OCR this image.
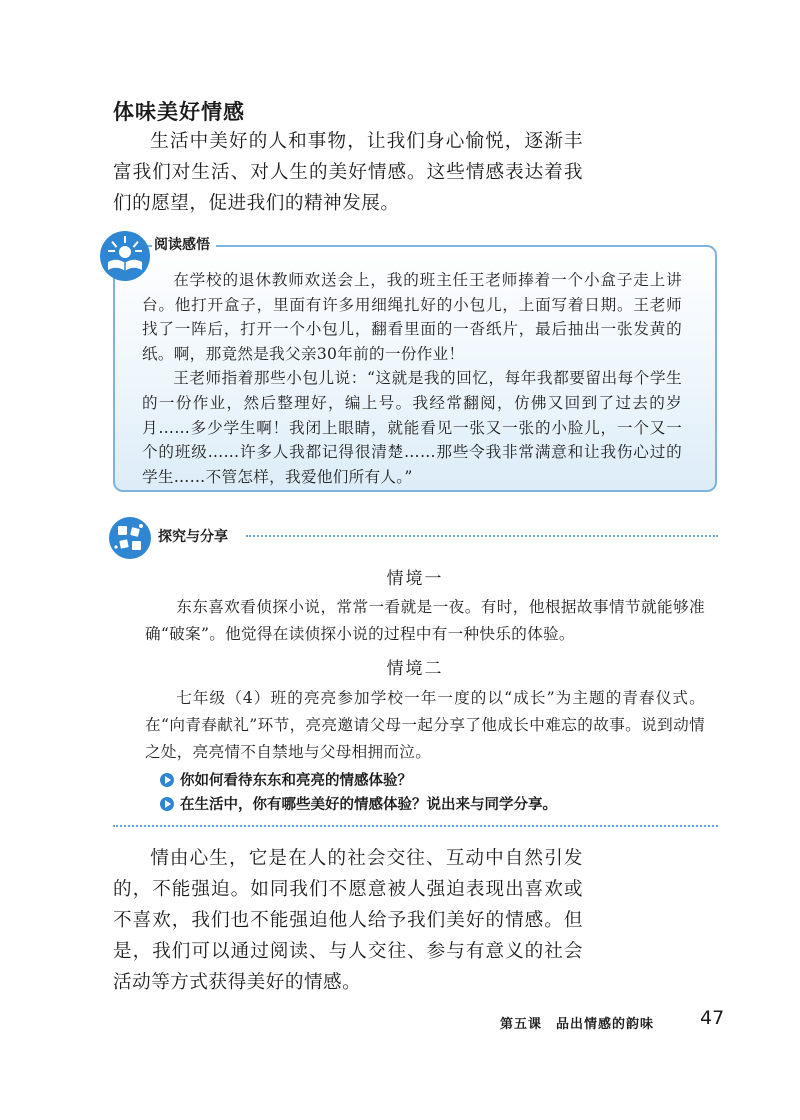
体味美好情感

生活中美好的人和事物，让我们身心愉悦，逐渐丰富我们对生活、对人生的美好情感。这些情感表达着我们的愿望，促进我们的精神发展。

阅读感悟

在学校的退休教师欢送会上，我的班主任王老师捧着一个小盒子走上讲台。他打开盒子，里面有许多用细绳扎好的小包儿，上面写着日期。王老师找了一阵后，打开一个小包儿，翻看里面的一沓纸片，最后抽出一张发黄的纸。啊，那竟然是我父亲30年前的一份作业！

王老师指着那些小包儿说：“这就是我的回忆，每年我都要留出每个学生的一份作业，然后整理好，编上号。我经常翻阅，仿佛又回到了过去的岁月……多少学生啊！我闭上眼睛，就能看见一张又一张的小脸儿，一个又一个的班级……许多人我都记得很清楚……那些令我非常满意和让我伤心过的学生……不管怎样，我爱他们所有人。”

探究与分享
情境一

东东喜欢看侦探小说，常常一看就是一夜。有时，他根据故事情节就能够准确“破案”。他觉得在读侦探小说的过程中有一种快乐的体验。

情境二

七年级（4）班的亮亮参加学校一年一度的以“成长”为主题的青春仪式。在“向青春献礼”环节，亮亮邀请父母一起分享了他成长中难忘的故事。说到动情之处，亮亮情不自禁地与父母相拥而泣。

你如何看待东东和亮亮的情感体验？
在生活中，你有哪些美好的情感体验？说出来与同学分享。

情由心生，它是在人的社会交往、互动中自然引发的，不能强迫。如同我们不愿意被人强迫表现出喜欢或不喜欢，我们也不能强迫他人给予我们美好的情感。但是，我们可以通过阅读、与人交往、参与有意义的社会活动等方式获得美好的情感。

第五课　品出情感的韵味 47
